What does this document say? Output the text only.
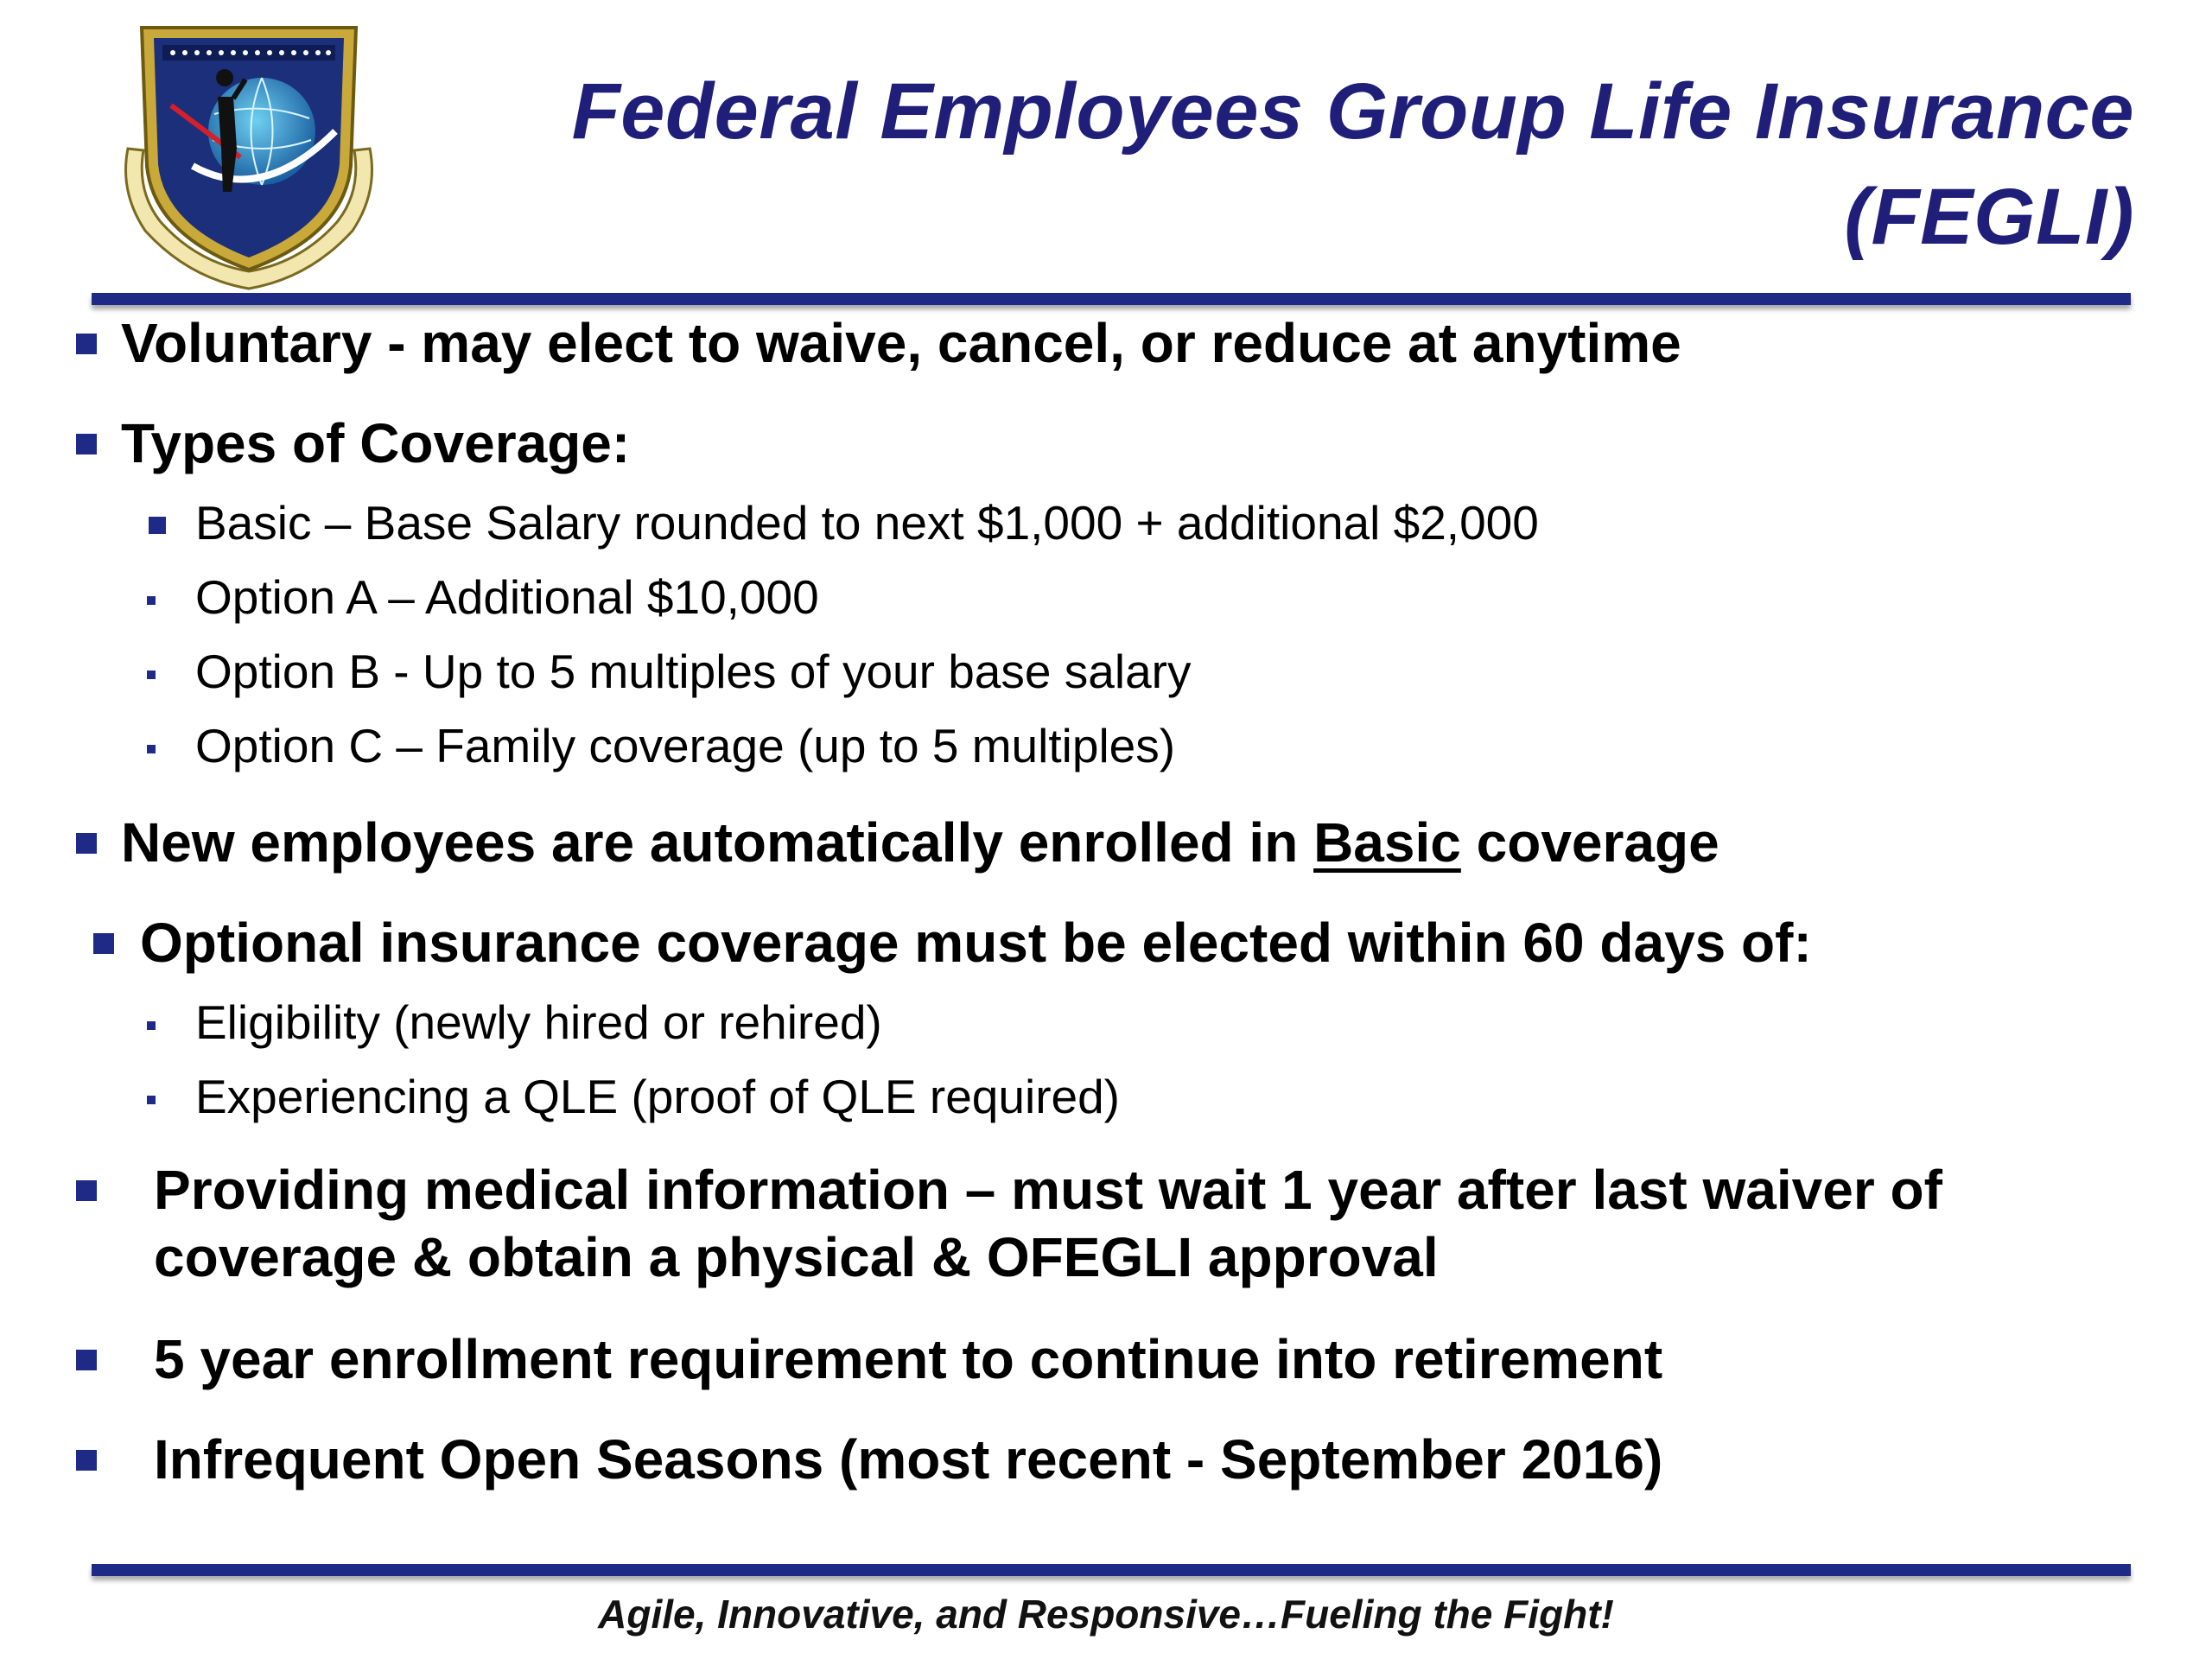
Federal Employees Group Life Insurance
(FEGLI)
Voluntary - may elect to waive, cancel, or reduce at anytime
Types of Coverage:
Basic – Base Salary rounded to next $1,000 + additional $2,000
Option A – Additional $10,000
Option B - Up to 5 multiples of your base salary
Option C – Family coverage (up to 5 multiples)
New employees are automatically enrolled in Basic coverage
Optional insurance coverage must be elected within 60 days of:
Eligibility (newly hired or rehired)
Experiencing a QLE (proof of QLE required)
Providing medical information – must wait 1 year after last waiver of
coverage & obtain a physical & OFEGLI approval
5 year enrollment requirement to continue into retirement
Infrequent Open Seasons (most recent - September 2016)
Agile, Innovative, and Responsive…Fueling the Fight!
